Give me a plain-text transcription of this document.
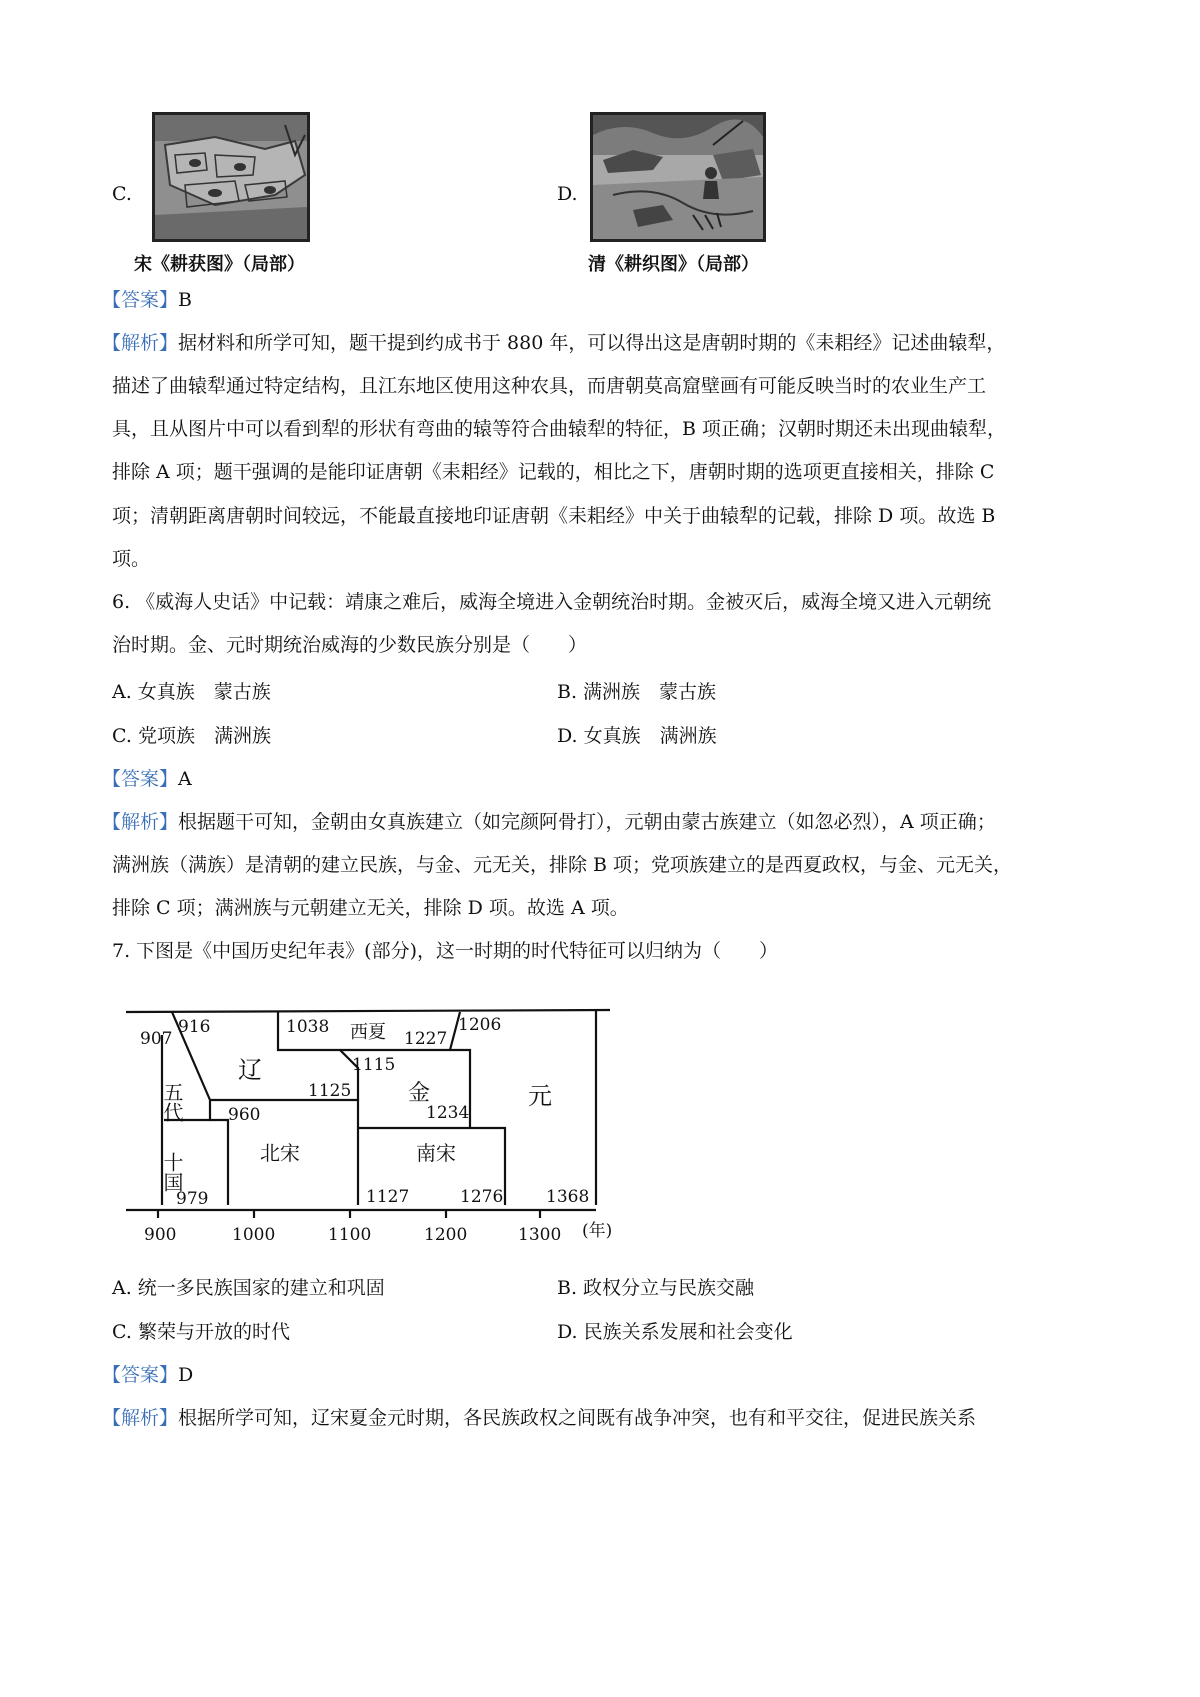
C.
宋《耕获图》（局部）
D.
清《耕织图》（局部）
【答案】B
【解析】据材料和所学可知，题干提到约成书于 880 年，可以得出这是唐朝时期的《耒耜经》记述曲辕犁，
描述了曲辕犁通过特定结构，且江东地区使用这种农具，而唐朝莫高窟壁画有可能反映当时的农业生产工
具，且从图片中可以看到犁的形状有弯曲的辕等符合曲辕犁的特征，B 项正确；汉朝时期还未出现曲辕犁，
排除 A 项；题干强调的是能印证唐朝《耒耜经》记载的，相比之下，唐朝时期的选项更直接相关，排除 C
项；清朝距离唐朝时间较远，不能最直接地印证唐朝《耒耜经》中关于曲辕犁的记载，排除 D 项。故选 B
项。
6. 《威海人史话》中记载：靖康之难后，威海全境进入金朝统治时期。金被灭后，威海全境又进入元朝统
治时期。金、元时期统治威海的少数民族分别是（　　）
A. 女真族　蒙古族	B. 满洲族　蒙古族
C. 党项族　满洲族	D. 女真族　满洲族
【答案】A
【解析】根据题干可知，金朝由女真族建立（如完颜阿骨打），元朝由蒙古族建立（如忽必烈），A 项正确；
满洲族（满族）是清朝的建立民族，与金、元无关，排除 B 项；党项族建立的是西夏政权，与金、元无关，
排除 C 项；满洲族与元朝建立无关，排除 D 项。故选 A 项。
7. 下图是《中国历史纪年表》(部分)，这一时期的时代特征可以归纳为（　　）
五代
十国
辽
北宋
西夏
金
南宋
元
907
916	1038
1227
1206
1115
1125
960	1234
979	1127	1276	1368
900	1000	1100	1200	1300 (年)
A. 统一多民族国家的建立和巩固	B. 政权分立与民族交融
C. 繁荣与开放的时代	D. 民族关系发展和社会变化
【答案】D
【解析】根据所学可知，辽宋夏金元时期，各民族政权之间既有战争冲突，也有和平交往，促进民族关系
